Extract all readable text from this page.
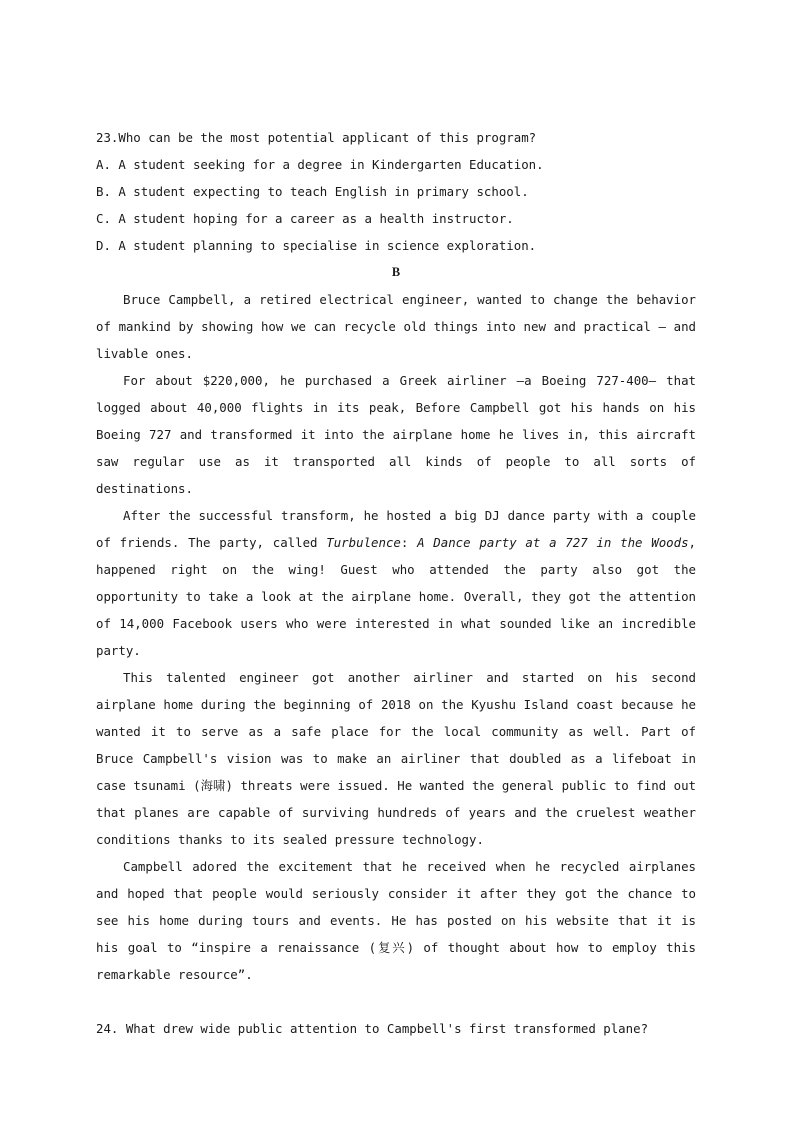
23.Who can be the most potential applicant of this program?
A. A student seeking for a degree in Kindergarten Education.
B. A student expecting to teach English in primary school.
C. A student hoping for a career as a health instructor.
D. A student planning to specialise in science exploration.
B

Bruce Campbell, a retired electrical engineer, wanted to change the behavior of mankind by showing how we can recycle old things into new and practical – and livable ones.

For about $220,000, he purchased a Greek airliner —a Boeing 727-400— that logged about 40,000 flights in its peak, Before Campbell got his hands on his Boeing 727 and transformed it into the airplane home he lives in, this aircraft saw regular use as it transported all kinds of people to all sorts of destinations.

After the successful transform, he hosted a big DJ dance party with a couple of friends. The party, called Turbulence: A Dance party at a 727 in the Woods, happened right on the wing! Guest who attended the party also got the opportunity to take a look at the airplane home. Overall, they got the attention of 14,000 Facebook users who were interested in what sounded like an incredible party.

This talented engineer got another airliner and started on his second airplane home during the beginning of 2018 on the Kyushu Island coast because he wanted it to serve as a safe place for the local community as well. Part of Bruce Campbell's vision was to make an airliner that doubled as a lifeboat in case tsunami (海啸) threats were issued. He wanted the general public to find out that planes are capable of surviving hundreds of years and the cruelest weather conditions thanks to its sealed pressure technology.

Campbell adored the excitement that he received when he recycled airplanes and hoped that people would seriously consider it after they got the chance to see his home during tours and events. He has posted on his website that it is his goal to “inspire a renaissance (复兴) of thought about how to employ this remarkable resource”.

24. What drew wide public attention to Campbell's first transformed plane?
